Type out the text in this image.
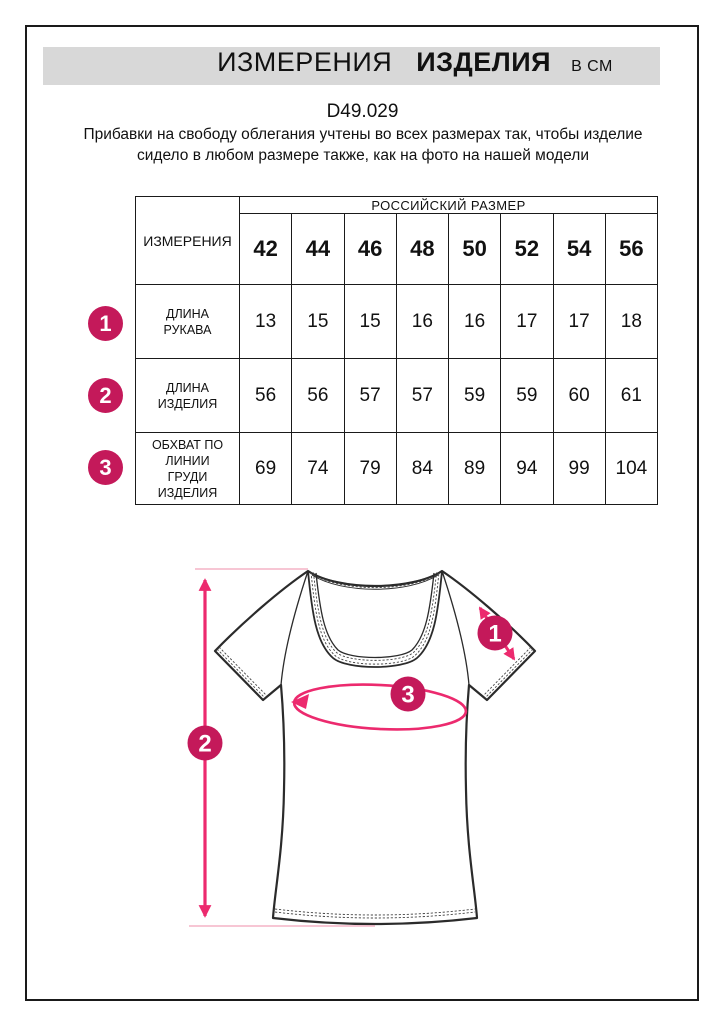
ИЗМЕРЕНИЯ ИЗДЕЛИЯ В СМ
D49.029
Прибавки на свободу облегания учтены во всех размерах так, чтобы изделие сидело в любом размере также, как на фото на нашей модели
ИЗМЕРЕНИЯ	РОССИЙСКИЙ РАЗМЕР							
	42	44	46	48	50	52	54	56
ДЛИНА РУКАВА	13	15	15	16	16	17	17	18
ДЛИНА ИЗДЕЛИЯ	56	56	57	57	59	59	60	61
ОБХВАТ ПО ЛИНИИ ГРУДИ ИЗДЕЛИЯ	69	74	79	84	89	94	99	104
1
2
3
1
2
3
